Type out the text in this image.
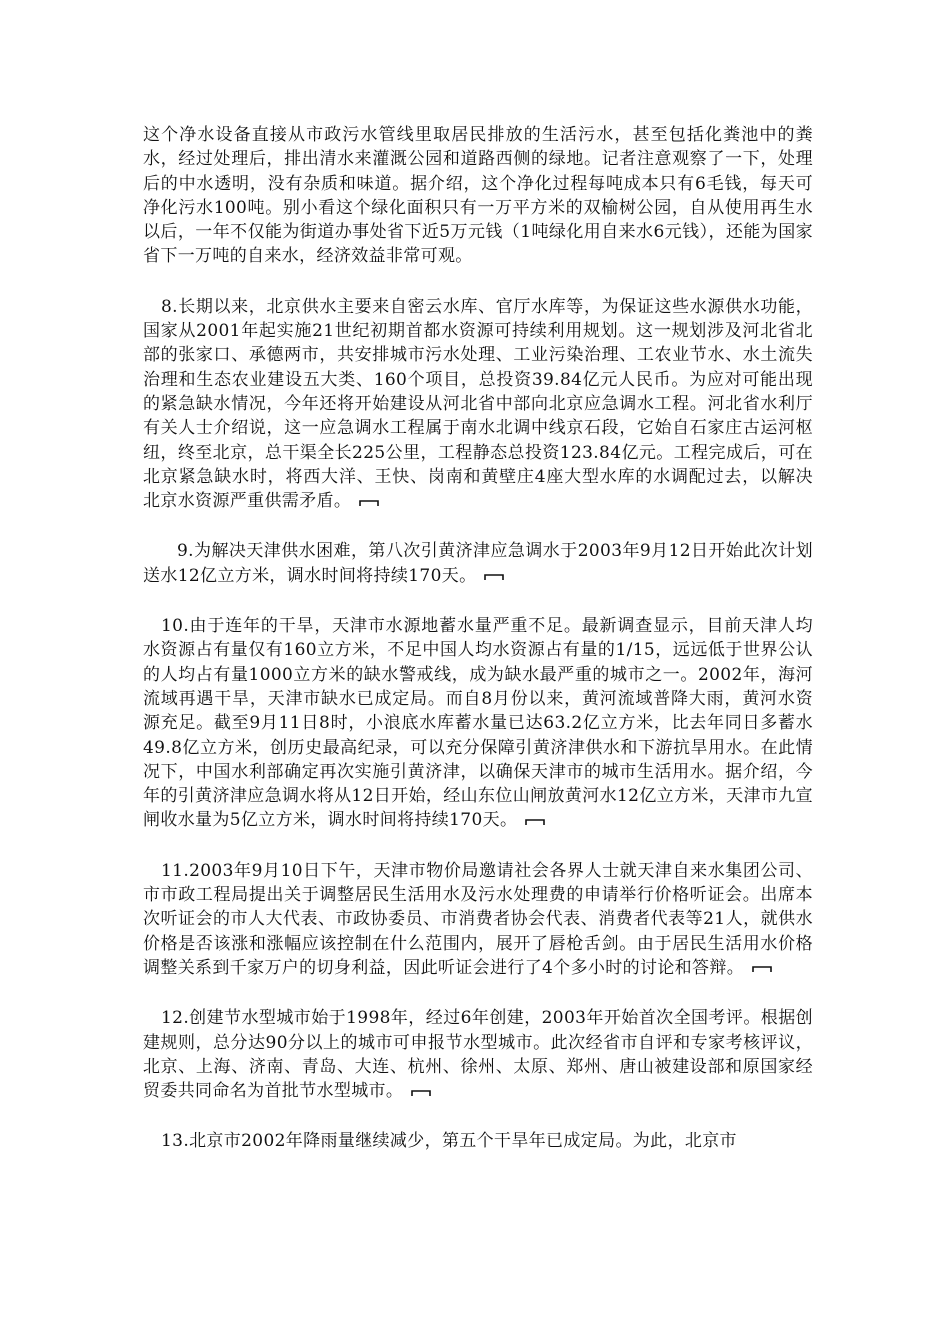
这个净水设备直接从市政污水管线里取居民排放的生活污水，甚至包括化粪池中的粪水，经过处理后，排出清水来灌溉公园和道路西侧的绿地。记者注意观察了一下，处理后的中水透明，没有杂质和味道。据介绍，这个净化过程每吨成本只有6毛钱，每天可净化污水100吨。别小看这个绿化面积只有一万平方米的双榆树公园，自从使用再生水以后，一年不仅能为街道办事处省下近5万元钱（1吨绿化用自来水6元钱），还能为国家省下一万吨的自来水，经济效益非常可观。

8.长期以来，北京供水主要来自密云水库、官厅水库等，为保证这些水源供水功能，国家从2001年起实施21世纪初期首都水资源可持续利用规划。这一规划涉及河北省北部的张家口、承德两市，共安排城市污水处理、工业污染治理、工农业节水、水土流失治理和生态农业建设五大类、160个项目，总投资39.84亿元人民币。为应对可能出现的紧急缺水情况，今年还将开始建设从河北省中部向北京应急调水工程。河北省水利厅有关人士介绍说，这一应急调水工程属于南水北调中线京石段，它始自石家庄古运河枢纽，终至北京，总干渠全长225公里，工程静态总投资123.84亿元。工程完成后，可在北京紧急缺水时，将西大洋、王快、岗南和黄壁庄4座大型水库的水调配过去，以解决北京水资源严重供需矛盾。

9.为解决天津供水困难，第八次引黄济津应急调水于2003年9月12日开始此次计划送水12亿立方米，调水时间将持续170天。

10.由于连年的干旱，天津市水源地蓄水量严重不足。最新调查显示，目前天津人均水资源占有量仅有160立方米，不足中国人均水资源占有量的1/15，远远低于世界公认的人均占有量1000立方米的缺水警戒线，成为缺水最严重的城市之一。2002年，海河流域再遇干旱，天津市缺水已成定局。而自8月份以来，黄河流域普降大雨，黄河水资源充足。截至9月11日8时，小浪底水库蓄水量已达63.2亿立方米，比去年同日多蓄水49.8亿立方米，创历史最高纪录，可以充分保障引黄济津供水和下游抗旱用水。在此情况下，中国水利部确定再次实施引黄济津，以确保天津市的城市生活用水。据介绍，今年的引黄济津应急调水将从12日开始，经山东位山闸放黄河水12亿立方米，天津市九宣闸收水量为5亿立方米，调水时间将持续170天。

11.2003年9月10日下午，天津市物价局邀请社会各界人士就天津自来水集团公司、市市政工程局提出关于调整居民生活用水及污水处理费的申请举行价格听证会。出席本次听证会的市人大代表、市政协委员、市消费者协会代表、消费者代表等21人，就供水价格是否该涨和涨幅应该控制在什么范围内，展开了唇枪舌剑。由于居民生活用水价格调整关系到千家万户的切身利益，因此听证会进行了4个多小时的讨论和答辩。

12.创建节水型城市始于1998年，经过6年创建，2003年开始首次全国考评。根据创建规则，总分达90分以上的城市可申报节水型城市。此次经省市自评和专家考核评议，北京、上海、济南、青岛、大连、杭州、徐州、太原、郑州、唐山被建设部和原国家经贸委共同命名为首批节水型城市。

13.北京市2002年降雨量继续减少，第五个干旱年已成定局。为此，北京市
